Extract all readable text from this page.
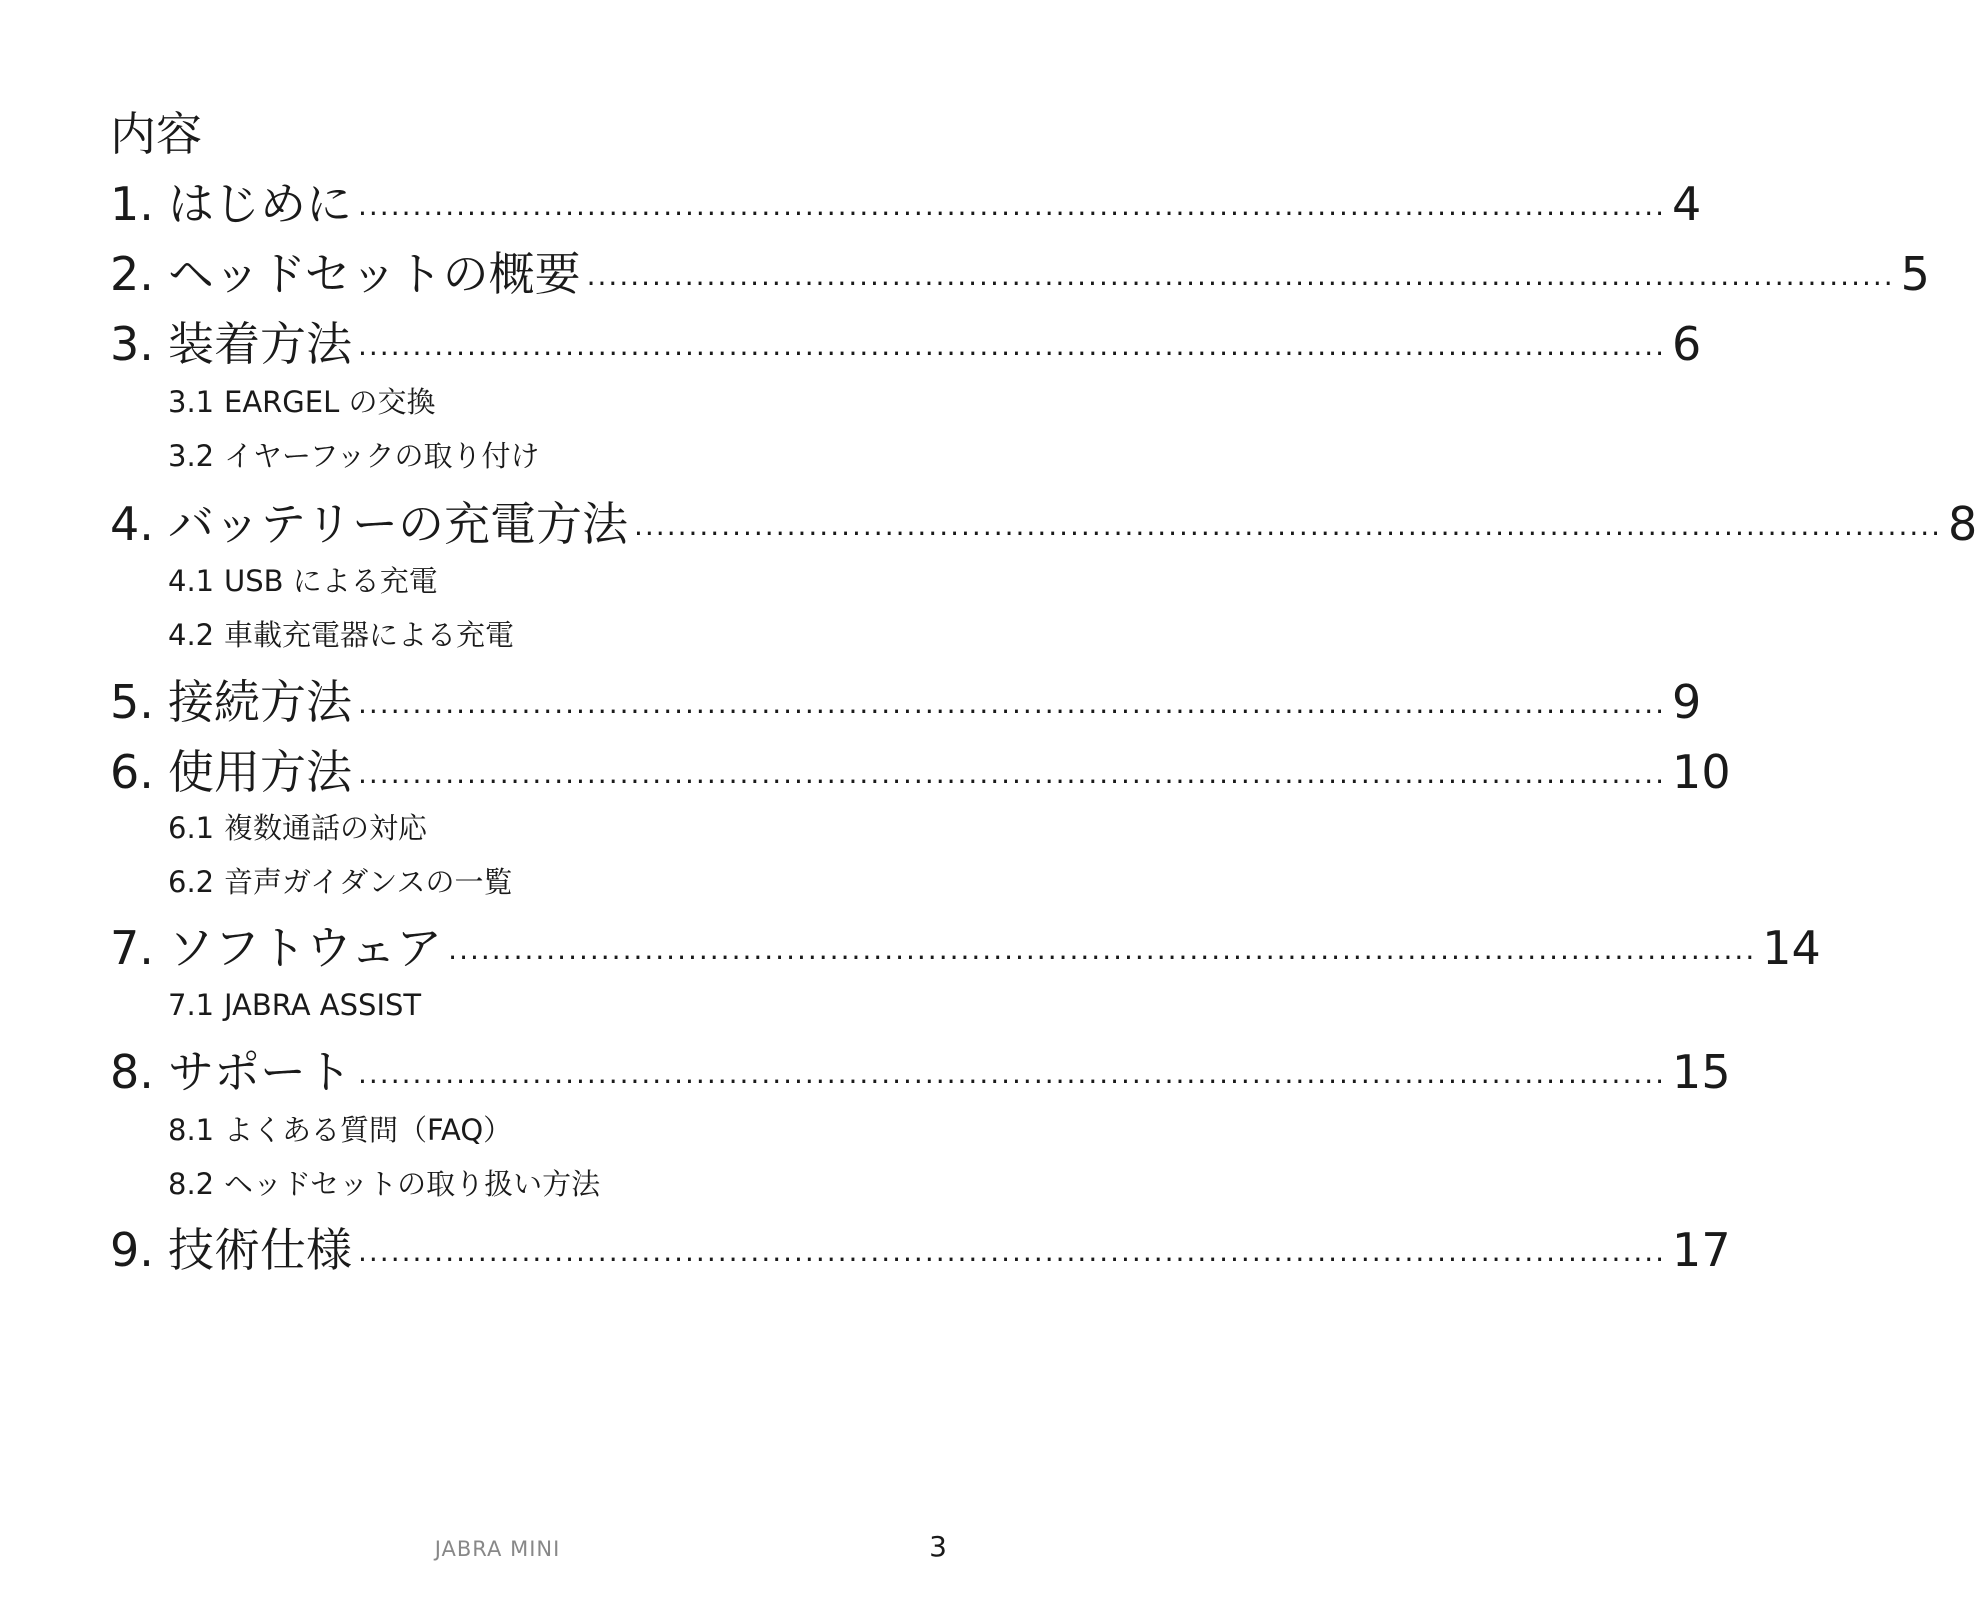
内容
1. はじめに ........................................................................................................................ 4
2. ヘッドセットの概要 ........................................................................................................................ 5
3. 装着方法 ........................................................................................................................ 6
3.1 EARGEL の交換
3.2 イヤーフックの取り付け
4. バッテリーの充電方法 ........................................................................................................................ 8
4.1 USB による充電
4.2 車載充電器による充電
5. 接続方法 ........................................................................................................................ 9
6. 使用方法 ........................................................................................................................ 10
6.1 複数通話の対応
6.2 音声ガイダンスの一覧
7. ソフトウェア ........................................................................................................................ 14
7.1 JABRA ASSIST
8. サポート ........................................................................................................................ 15
8.1 よくある質問（FAQ）
8.2 ヘッドセットの取り扱い方法
9. 技術仕様 ........................................................................................................................ 17
JABRA MINI	3
